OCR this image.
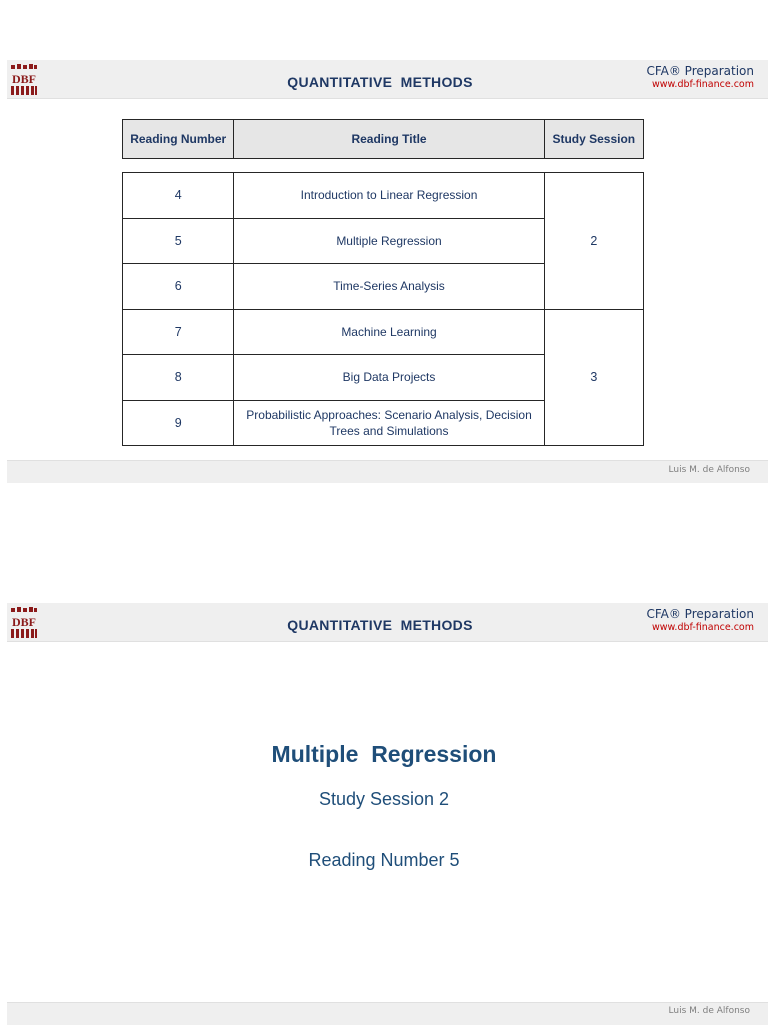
DBF	QUANTITATIVE  METHODS
CFA® Preparation
www.dbf-finance.com
Reading Number	Reading Title	Study Session
4	Introduction to Linear Regression	2
5	Multiple Regression	
6	Time-Series Analysis	
7	Machine Learning	3
8	Big Data Projects	
9	Probabilistic Approaches: Scenario Analysis, Decision Trees and Simulations	
Luis M. de Alfonso
DBF	QUANTITATIVE  METHODS
CFA® Preparation
www.dbf-finance.com
Multiple  Regression
Study Session 2
Reading Number 5
Luis M. de Alfonso
